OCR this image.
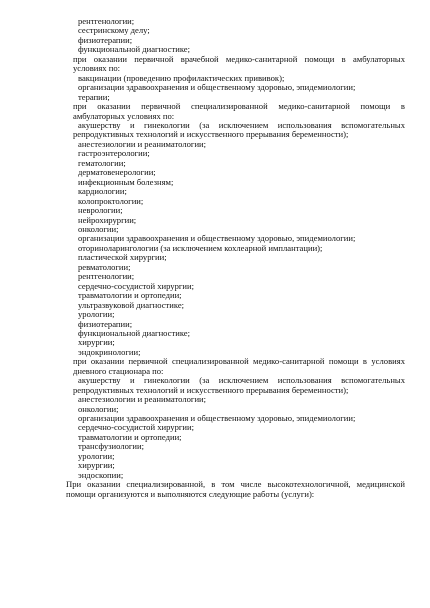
рентгенологии;
сестринскому делу;
физиотерапии;
функциональной диагностике;
при оказании первичной врачебной медико-санитарной помощи в амбулаторных
условиях по:
вакцинации (проведению профилактических прививок);
организации здравоохранения и общественному здоровью, эпидемиологии;
терапии;
при оказании первичной специализированной медико-санитарной помощи в
амбулаторных условиях по:
акушерству и гинекологии (за исключением использования вспомогательных
репродуктивных технологий и искусственного прерывания беременности);
анестезиологии и реаниматологии;
гастроэнтерологии;
гематологии;
дерматовенерологии;
инфекционным болезням;
кардиологии;
колопроктологии;
неврологии;
нейрохирургии;
онкологии;
организации здравоохранения и общественному здоровью, эпидемиологии;
оториноларингологии (за исключением кохлеарной имплантации);
пластической хирургии;
ревматологии;
рентгенологии;
сердечно-сосудистой хирургии;
травматологии и ортопедии;
ультразвуковой диагностике;
урологии;
физиотерапии;
функциональной диагностике;
хирургии;
эндокринологии;
при оказании первичной специализированной медико-санитарной помощи в условиях
дневного стационара по:
акушерству и гинекологии (за исключением использования вспомогательных
репродуктивных технологий и искусственного прерывания беременности);
анестезиологии и реаниматологии;
онкологии;
организации здравоохранения и общественному здоровью, эпидемиологии;
сердечно-сосудистой хирургии;
травматологии и ортопедии;
трансфузиологии;
урологии;
хирургии;
эндоскопии;
При оказании специализированной, в том числе высокотехнологичной, медицинской
помощи организуются и выполняются следующие работы (услуги):
